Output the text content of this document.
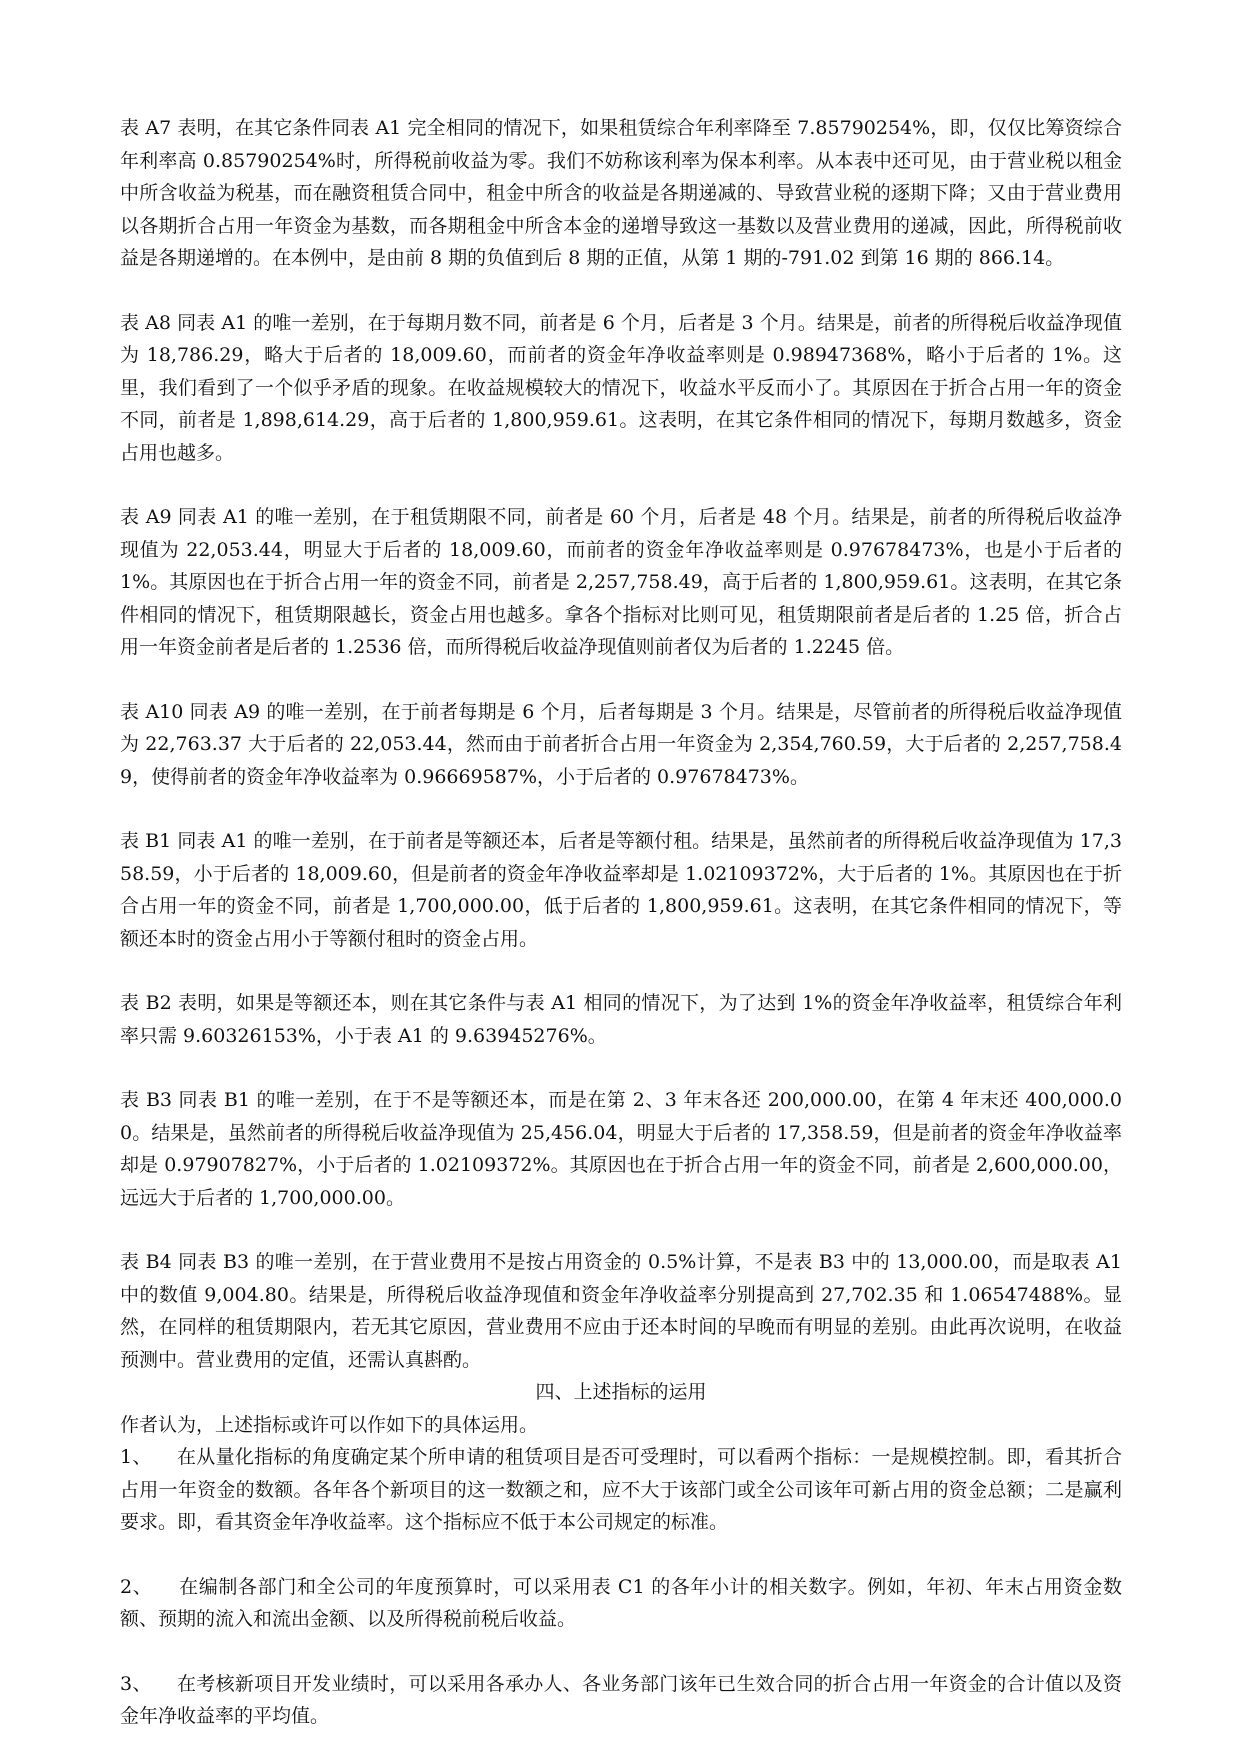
表 A7 表明，在其它条件同表 A1 完全相同的情况下，如果租赁综合年利率降至 7.85790254%，即，仅仅比筹资综合年利率高 0.85790254%时，所得税前收益为零。我们不妨称该利率为保本利率。从本表中还可见，由于营业税以租金中所含收益为税基，而在融资租赁合同中，租金中所含的收益是各期递减的、导致营业税的逐期下降；又由于营业费用以各期折合占用一年资金为基数，而各期租金中所含本金的递增导致这一基数以及营业费用的递减，因此，所得税前收益是各期递增的。在本例中，是由前 8 期的负值到后 8 期的正值，从第 1 期的-791.02 到第 16 期的 866.14。

表 A8 同表 A1 的唯一差别，在于每期月数不同，前者是 6 个月，后者是 3 个月。结果是，前者的所得税后收益净现值为 18,786.29，略大于后者的 18,009.60，而前者的资金年净收益率则是 0.98947368%，略小于后者的 1%。这里，我们看到了一个似乎矛盾的现象。在收益规模较大的情况下，收益水平反而小了。其原因在于折合占用一年的资金不同，前者是 1,898,614.29，高于后者的 1,800,959.61。这表明，在其它条件相同的情况下，每期月数越多，资金占用也越多。

表 A9 同表 A1 的唯一差别，在于租赁期限不同，前者是 60 个月，后者是 48 个月。结果是，前者的所得税后收益净现值为 22,053.44，明显大于后者的 18,009.60，而前者的资金年净收益率则是 0.97678473%，也是小于后者的 1%。其原因也在于折合占用一年的资金不同，前者是 2,257,758.49，高于后者的 1,800,959.61。这表明，在其它条件相同的情况下，租赁期限越长，资金占用也越多。拿各个指标对比则可见，租赁期限前者是后者的 1.25 倍，折合占用一年资金前者是后者的 1.2536 倍，而所得税后收益净现值则前者仅为后者的 1.2245 倍。

表 A10 同表 A9 的唯一差别，在于前者每期是 6 个月，后者每期是 3 个月。结果是，尽管前者的所得税后收益净现值为 22,763.37 大于后者的 22,053.44，然而由于前者折合占用一年资金为 2,354,760.59，大于后者的 2,257,758.49，使得前者的资金年净收益率为 0.96669587%，小于后者的 0.97678473%。

表 B1 同表 A1 的唯一差别，在于前者是等额还本，后者是等额付租。结果是，虽然前者的所得税后收益净现值为 17,358.59，小于后者的 18,009.60，但是前者的资金年净收益率却是 1.02109372%，大于后者的 1%。其原因也在于折合占用一年的资金不同，前者是 1,700,000.00，低于后者的 1,800,959.61。这表明，在其它条件相同的情况下，等额还本时的资金占用小于等额付租时的资金占用。

表 B2 表明，如果是等额还本，则在其它条件与表 A1 相同的情况下，为了达到 1%的资金年净收益率，租赁综合年利率只需 9.60326153%，小于表 A1 的 9.63945276%。

表 B3 同表 B1 的唯一差别，在于不是等额还本，而是在第 2、3 年末各还 200,000.00，在第 4 年末还 400,000.00。结果是，虽然前者的所得税后收益净现值为 25,456.04，明显大于后者的 17,358.59，但是前者的资金年净收益率却是 0.97907827%，小于后者的 1.02109372%。其原因也在于折合占用一年的资金不同，前者是 2,600,000.00，远远大于后者的 1,700,000.00。

表 B4 同表 B3 的唯一差别，在于营业费用不是按占用资金的 0.5%计算，不是表 B3 中的 13,000.00，而是取表 A1 中的数值 9,004.80。结果是，所得税后收益净现值和资金年净收益率分别提高到 27,702.35 和 1.06547488%。显然，在同样的租赁期限内，若无其它原因，营业费用不应由于还本时间的早晚而有明显的差别。由此再次说明，在收益预测中。营业费用的定值，还需认真斟酌。

四、上述指标的运用

作者认为，上述指标或许可以作如下的具体运用。

1、 在从量化指标的角度确定某个所申请的租赁项目是否可受理时，可以看两个指标：一是规模控制。即，看其折合占用一年资金的数额。各年各个新项目的这一数额之和，应不大于该部门或全公司该年可新占用的资金总额；二是赢利要求。即，看其资金年净收益率。这个指标应不低于本公司规定的标准。

2、 在编制各部门和全公司的年度预算时，可以采用表 C1 的各年小计的相关数字。例如，年初、年末占用资金数额、预期的流入和流出金额、以及所得税前税后收益。

3、 在考核新项目开发业绩时，可以采用各承办人、各业务部门该年已生效合同的折合占用一年资金的合计值以及资金年净收益率的平均值。
